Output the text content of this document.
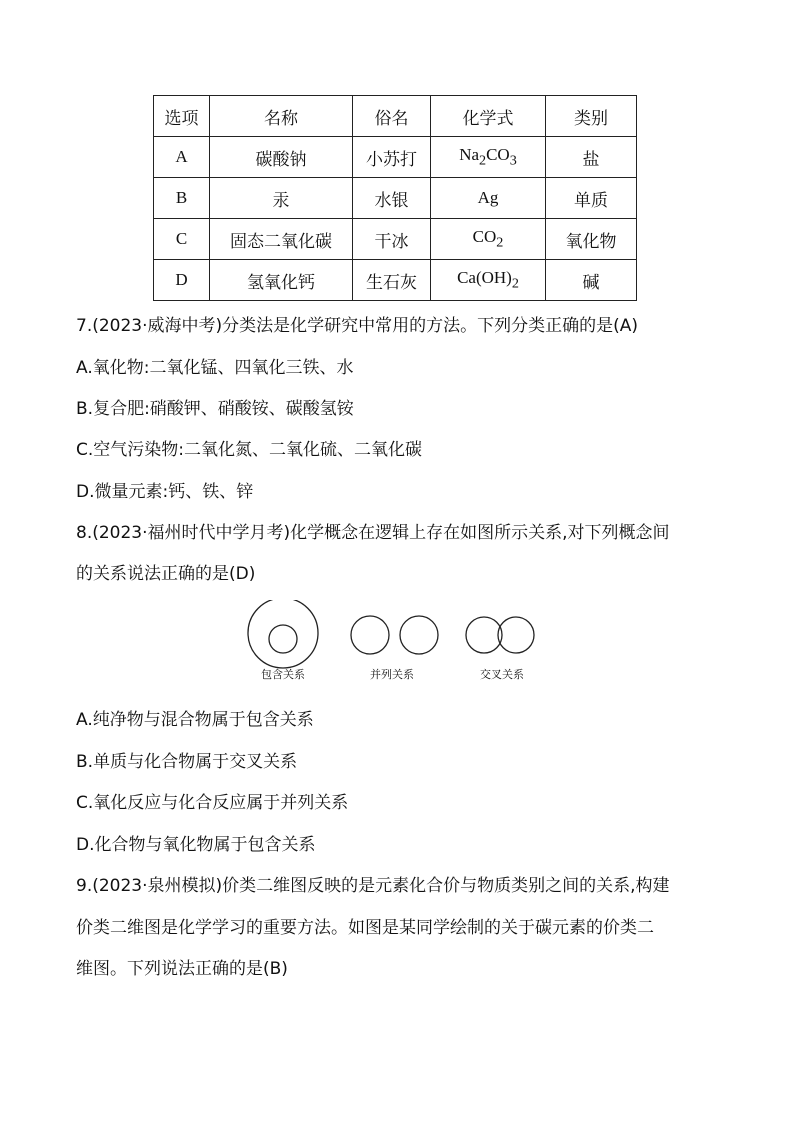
选项	名称	俗名	化学式	类别
A	碳酸钠	小苏打	$Na_2CO_3$	盐
B	汞	水银	Ag	单质
C	固态二氧化碳	干冰	$CO_2$	氧化物
D	氢氧化钙	生石灰	$Ca(OH)_2$	碱
7.(2023·威海中考)分类法是化学研究中常用的方法。下列分类正确的是(A)
A.氧化物:二氧化锰、四氧化三铁、水
B.复合肥:硝酸钾、硝酸铵、碳酸氢铵
C.空气污染物:二氧化氮、二氧化硫、二氧化碳
D.微量元素:钙、铁、锌
8.(2023·福州时代中学月考)化学概念在逻辑上存在如图所示关系,对下列概念间
的关系说法正确的是(D)
包含关系	并列关系	交叉关系
A.纯净物与混合物属于包含关系
B.单质与化合物属于交叉关系
C.氧化反应与化合反应属于并列关系
D.化合物与氧化物属于包含关系
9.(2023·泉州模拟)价类二维图反映的是元素化合价与物质类别之间的关系,构建
价类二维图是化学学习的重要方法。如图是某同学绘制的关于碳元素的价类二
维图。下列说法正确的是(B)
